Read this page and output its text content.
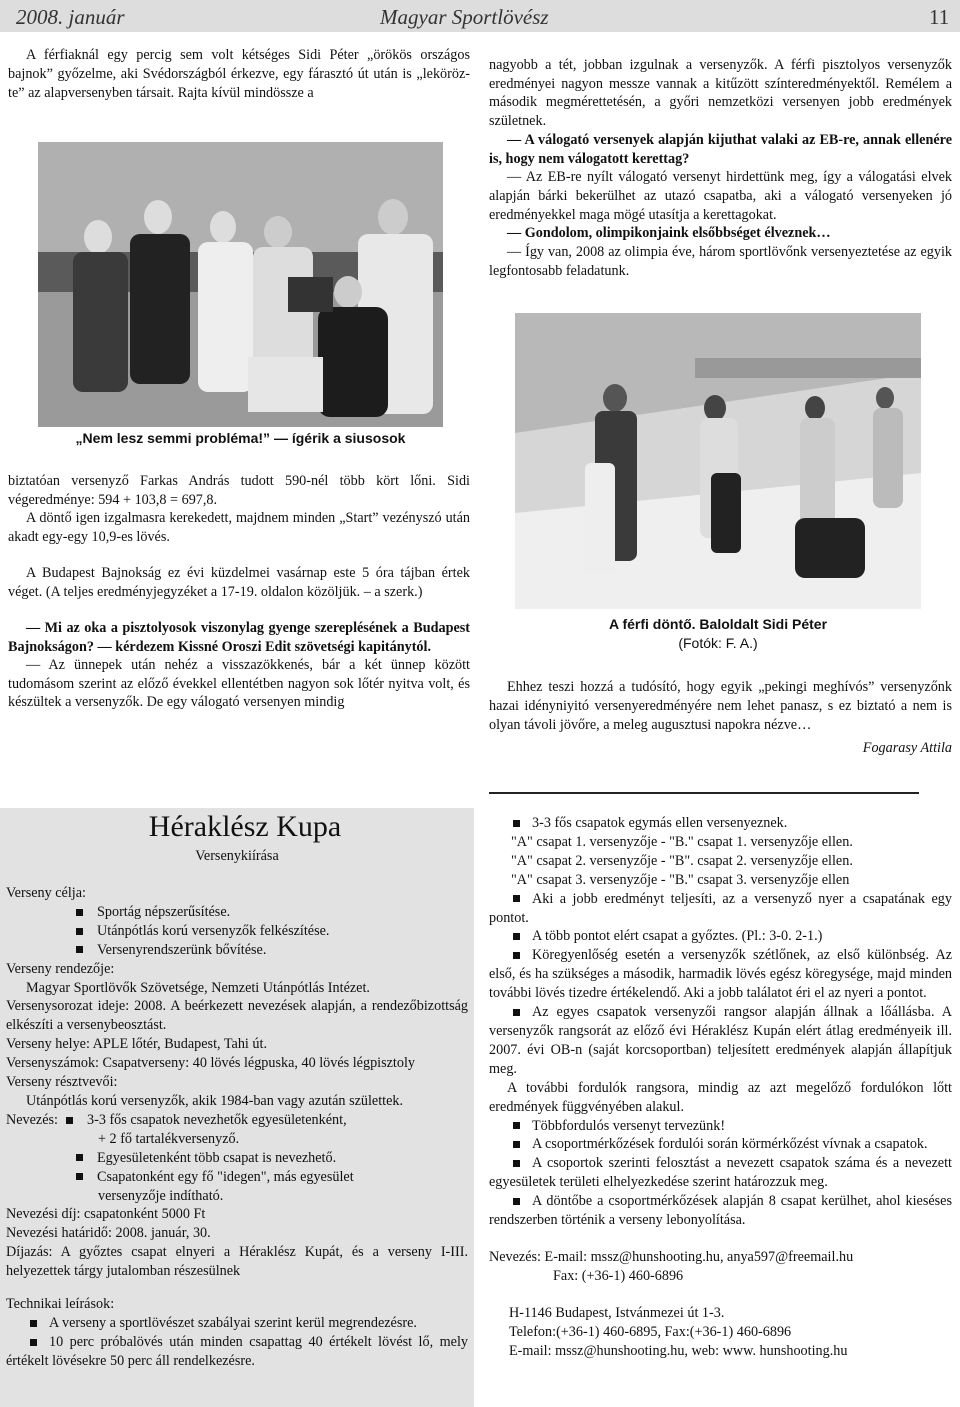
2008. január	Magyar Sportlövész	11

A férfiaknál egy percig sem volt kétséges Sidi Péter „örökös országos bajnok” győzelme, aki Svédországból érkezve, egy fárasztó út után is „lekörözte” az alapversenyben társait. Rajta kívül mindössze a

„Nem lesz semmi probléma!” — ígérik a siusosok
biztatóan versenyző Farkas András tudott 590-nél több kört lőni. Sidi végeredménye: 594 + 103,8 = 697,8.
A döntő igen izgalmasra kerekedett, majdnem minden „Start” vezényszó után akadt egy-egy 10,9-es lövés.
A Budapest Bajnokság ez évi küzdelmei vasárnap este 5 óra tájban értek véget. (A teljes eredményjegyzéket a 17-19. oldalon közöljük. – a szerk.)
— Mi az oka a pisztolyosok viszonylag gyenge szereplésének a Budapest Bajnokságon? — kérdezem Kissné Oroszi Edit szövetségi kapitánytól.
— Az ünnepek után nehéz a visszazökkenés, bár a két ünnep között tudomásom szerint az előző évekkel ellentétben nagyon sok lőtér nyitva volt, és készültek a versenyzők. De egy válogató versenyen mindig
nagyobb a tét, jobban izgulnak a versenyzők. A férfi pisztolyos versenyzők eredményei nagyon messze vannak a kitűzött színteredményektől. Remélem a második megmérettetésén, a győri nemzetközi versenyen jobb eredmények születnek.
— A válogató versenyek alapján kijuthat valaki az EB-re, annak ellenére is, hogy nem válogatott kerettag?
— Az EB-re nyílt válogató versenyt hirdettünk meg, így a válogatási elvek alapján bárki bekerülhet az utazó csapatba, aki a válogató versenyeken jó eredményekkel maga mögé utasítja a kerettagokat.
— Gondolom, olimpikonjaink elsőbbséget élveznek…
— Így van, 2008 az olimpia éve, három sportlövőnk versenyeztetése az egyik legfontosabb feladatunk.
A férfi döntő. Baloldalt Sidi Péter
(Fotók: F. A.)
Ehhez teszi hozzá a tudósító, hogy egyik „pekingi meghívós” versenyzőnk hazai idényniyitó versenyeredményére nem lehet panasz, s ez biztató a nem is olyan távoli jövőre, a meleg augusztusi napokra nézve…
Fogarasy Attila
Héraklész Kupa
Versenykiírása
Verseny célja:
Sportág népszerűsítése.
Utánpótlás korú versenyzők felkészítése.
Versenyrendszerünk bővítése.
Verseny rendezője:
Magyar Sportlövők Szövetsége, Nemzeti Utánpótlás Intézet.
Versenysorozat ideje: 2008. A beérkezett nevezések alapján, a rendezőbizottság elkészíti a versenybeosztást.
Verseny helye: APLE lőtér, Budapest, Tahi út.
Versenyszámok: Csapatverseny: 40 lövés légpuska, 40 lövés légpisztoly
Verseny résztvevői:
Utánpótlás korú versenyzők, akik 1984-ban vagy azután születtek.
Nevezés: 3-3 fős csapatok nevezhetők egyesületenként,
+ 2 fő tartalékversenyző.
Egyesületenként több csapat is nevezhető.
Csapatonként egy fő "idegen", más egyesület
versenyzője indítható.
Nevezési díj: csapatonként 5000 Ft
Nevezési határidő: 2008. január, 30.
Díjazás: A győztes csapat elnyeri a Héraklész Kupát, és a verseny I-III. helyezettek tárgy jutalomban részesülnek
Technikai leírások:
A verseny a sportlövészet szabályai szerint kerül megrendezésre.
10 perc próbalövés után minden csapattag 40 értékelt lövést lő, mely értékelt lövésekre 50 perc áll rendelkezésre.
3-3 fős csapatok egymás ellen versenyeznek.
"A" csapat 1. versenyzője - "B." csapat 1. versenyzője ellen.
"A" csapat 2. versenyzője - "B". csapat 2. versenyzője ellen.
"A" csapat 3. versenyzője - "B." csapat 3. versenyzője ellen
Aki a jobb eredményt teljesíti, az a versenyző nyer a csapatának egy pontot.
A több pontot elért csapat a győztes. (Pl.: 3-0. 2-1.)
Köregyenlőség esetén a versenyzők szétlőnek, az első különbség. Az első, és ha szükséges a második, harmadik lövés egész köregysége, majd minden további lövés tizedre értékelendő. Aki a jobb találatot éri el az nyeri a pontot.
Az egyes csapatok versenyzői rangsor alapján állnak a lőállásba. A versenyzők rangsorát az előző évi Héraklész Kupán elért átlag eredményeik ill. 2007. évi OB-n (saját korcsoportban) teljesített eredmények alapján állapítjuk meg.
A további fordulók rangsora, mindig az azt megelőző fordulókon lőtt eredmények függvényében alakul.
Többfordulós versenyt tervezünk!
A csoportmérkőzések fordulói során körmérkőzést vívnak a csapatok.
A csoportok szerinti felosztást a nevezett csapatok száma és a nevezett egyesületek területi elhelyezkedése szerint határozzuk meg.
A döntőbe a csoportmérkőzések alapján 8 csapat kerülhet, ahol kieséses rendszerben történik a verseny lebonyolítása.
Nevezés: E-mail: mssz@hunshooting.hu, anya597@freemail.hu
Fax: (+36-1) 460-6896
H-1146 Budapest, Istvánmezei út 1-3.
Telefon:(+36-1) 460-6895, Fax:(+36-1) 460-6896
E-mail: mssz@hunshooting.hu, web: www. hunshooting.hu
